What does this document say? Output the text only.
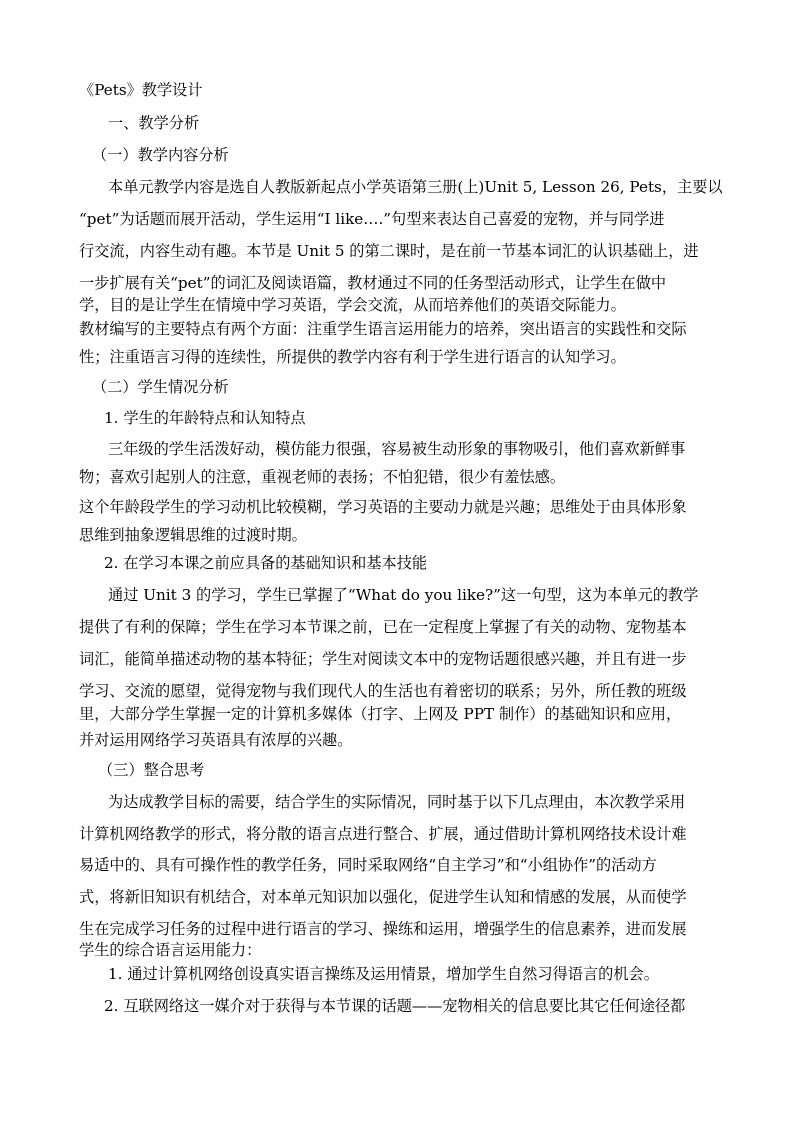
《Pets》教学设计
一、教学分析
（一）教学内容分析
本单元教学内容是选自人教版新起点小学英语第三册(上)Unit 5, Lesson 26, Pets，主要以
“pet”为话题而展开活动，学生运用“I like….”句型来表达自己喜爱的宠物，并与同学进
行交流，内容生动有趣。本节是 Unit 5 的第二课时，是在前一节基本词汇的认识基础上，进
一步扩展有关“pet”的词汇及阅读语篇，教材通过不同的任务型活动形式，让学生在做中
学，目的是让学生在情境中学习英语，学会交流，从而培养他们的英语交际能力。
教材编写的主要特点有两个方面：注重学生语言运用能力的培养，突出语言的实践性和交际
性；注重语言习得的连续性，所提供的教学内容有利于学生进行语言的认知学习。
（二）学生情况分析
1. 学生的年龄特点和认知特点
三年级的学生活泼好动，模仿能力很强，容易被生动形象的事物吸引，他们喜欢新鲜事
物；喜欢引起别人的注意，重视老师的表扬；不怕犯错，很少有羞怯感。
这个年龄段学生的学习动机比较模糊，学习英语的主要动力就是兴趣；思维处于由具体形象
思维到抽象逻辑思维的过渡时期。
2. 在学习本课之前应具备的基础知识和基本技能
通过 Unit 3 的学习，学生已掌握了“What do you like?”这一句型，这为本单元的教学
提供了有利的保障；学生在学习本节课之前，已在一定程度上掌握了有关的动物、宠物基本
词汇，能简单描述动物的基本特征；学生对阅读文本中的宠物话题很感兴趣，并且有进一步
学习、交流的愿望，觉得宠物与我们现代人的生活也有着密切的联系；另外，所任教的班级
里，大部分学生掌握一定的计算机多媒体（打字、上网及 PPT 制作）的基础知识和应用，
并对运用网络学习英语具有浓厚的兴趣。
（三）整合思考
为达成教学目标的需要，结合学生的实际情况，同时基于以下几点理由，本次教学采用
计算机网络教学的形式，将分散的语言点进行整合、扩展，通过借助计算机网络技术设计难
易适中的、具有可操作性的教学任务，同时采取网络“自主学习”和“小组协作”的活动方
式，将新旧知识有机结合，对本单元知识加以强化，促进学生认知和情感的发展，从而使学
生在完成学习任务的过程中进行语言的学习、操练和运用，增强学生的信息素养，进而发展
学生的综合语言运用能力：
1. 通过计算机网络创设真实语言操练及运用情景，增加学生自然习得语言的机会。
2. 互联网络这一媒介对于获得与本节课的话题——宠物相关的信息要比其它任何途径都
